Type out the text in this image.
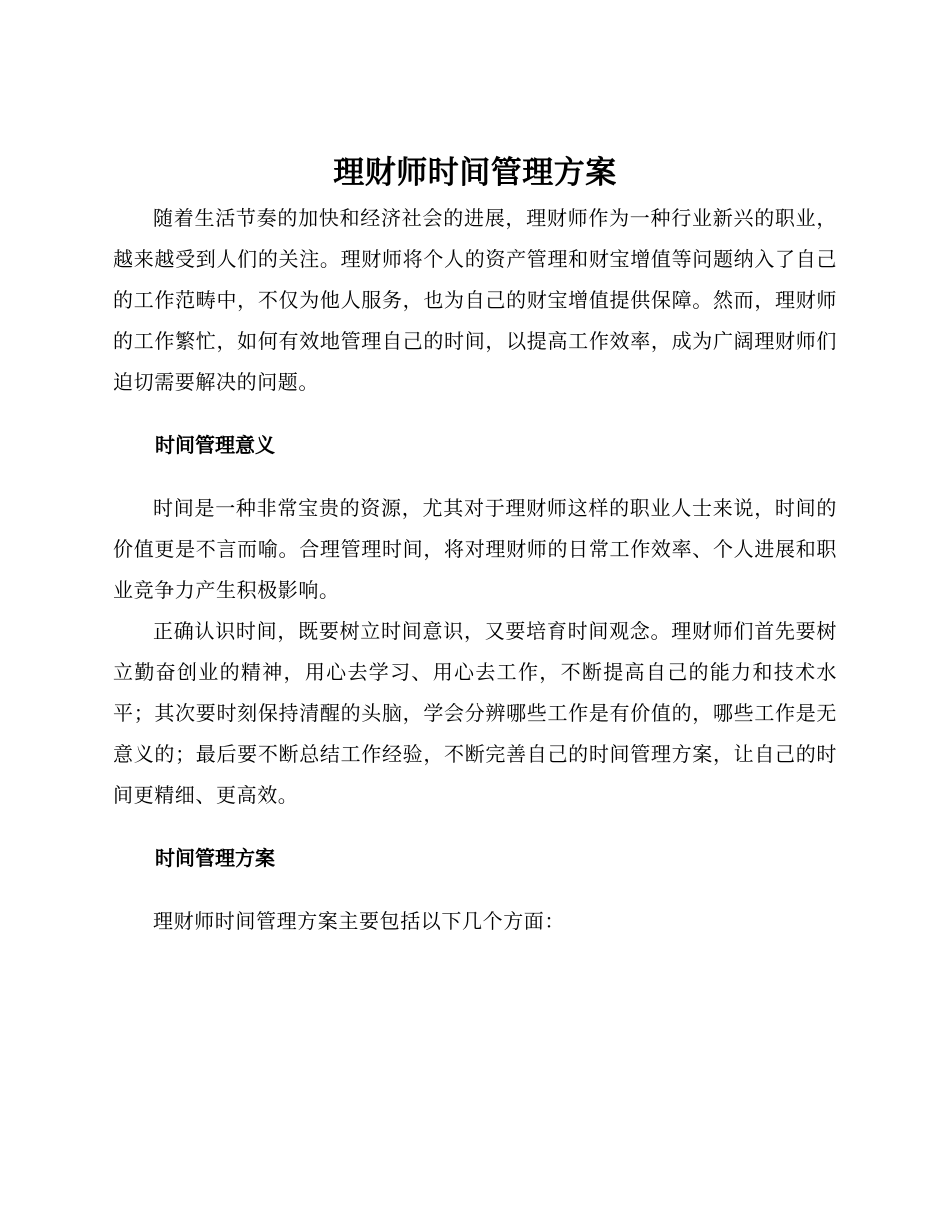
理财师时间管理方案

随着生活节奏的加快和经济社会的进展，理财师作为一种行业新兴的职业，越来越受到人们的关注。理财师将个人的资产管理和财宝增值等问题纳入了自己的工作范畴中，不仅为他人服务，也为自己的财宝增值提供保障。然而，理财师的工作繁忙，如何有效地管理自己的时间，以提高工作效率，成为广阔理财师们迫切需要解决的问题。

时间管理意义

时间是一种非常宝贵的资源，尤其对于理财师这样的职业人士来说，时间的价值更是不言而喻。合理管理时间，将对理财师的日常工作效率、个人进展和职业竞争力产生积极影响。

正确认识时间，既要树立时间意识，又要培育时间观念。理财师们首先要树立勤奋创业的精神，用心去学习、用心去工作，不断提高自己的能力和技术水平；其次要时刻保持清醒的头脑，学会分辨哪些工作是有价值的，哪些工作是无意义的；最后要不断总结工作经验，不断完善自己的时间管理方案，让自己的时间更精细、更高效。

时间管理方案

理财师时间管理方案主要包括以下几个方面：
